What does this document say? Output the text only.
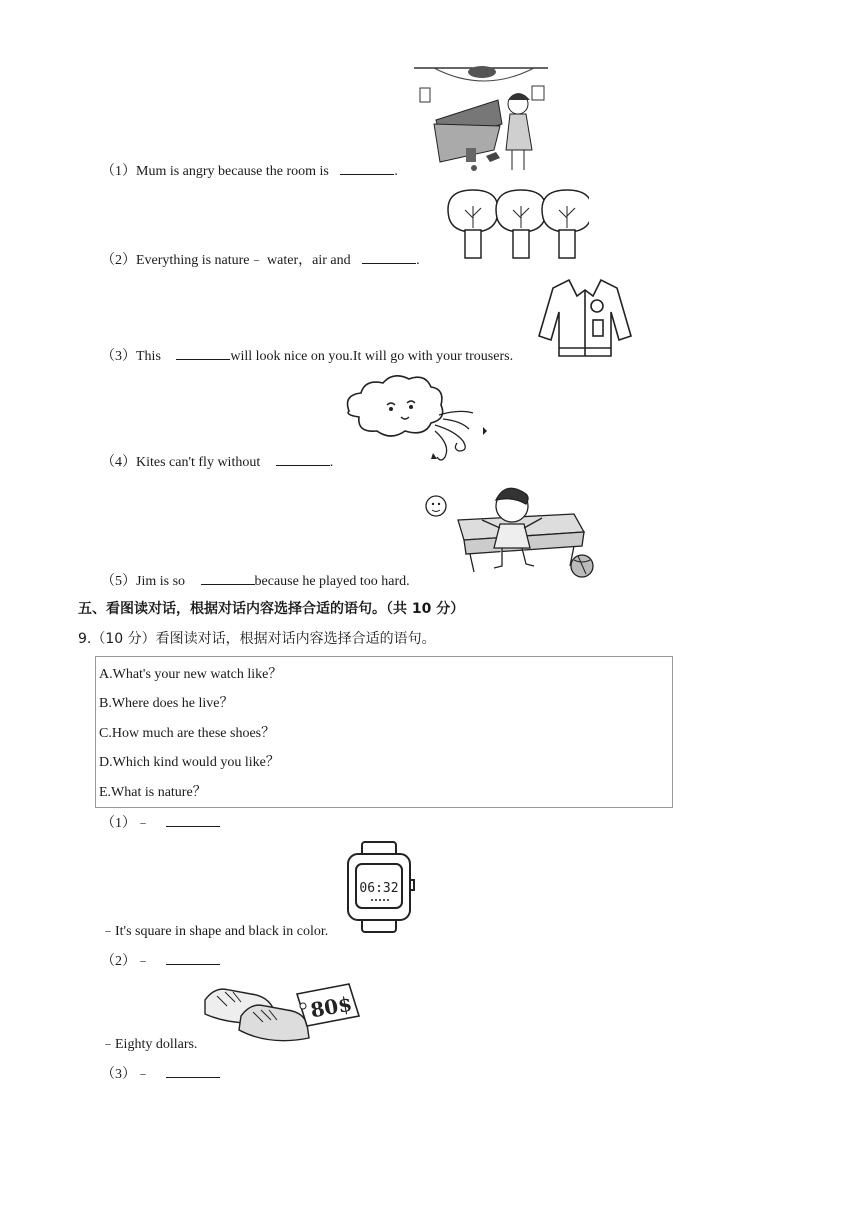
（1）Mum is angry because the room is	.
（2）Everything is nature﹣ water，air and	.
（3）This	will look nice on you.It will go with your trousers.
（4）Kites can't fly without	.
（5）Jim is so	because he played too hard.
五、看图读对话，根据对话内容选择合适的语句。（共 10 分）
9.（10 分）看图读对话，根据对话内容选择合适的语句。
A.What's your new watch like？
B.Where does he live？
C.How much are these shoes？
D.Which kind would you like？
E.What is nature？
（1）﹣
06:32
﹣It's square in shape and black in color.
（2）﹣
80$
﹣Eighty dollars.
（3）﹣
